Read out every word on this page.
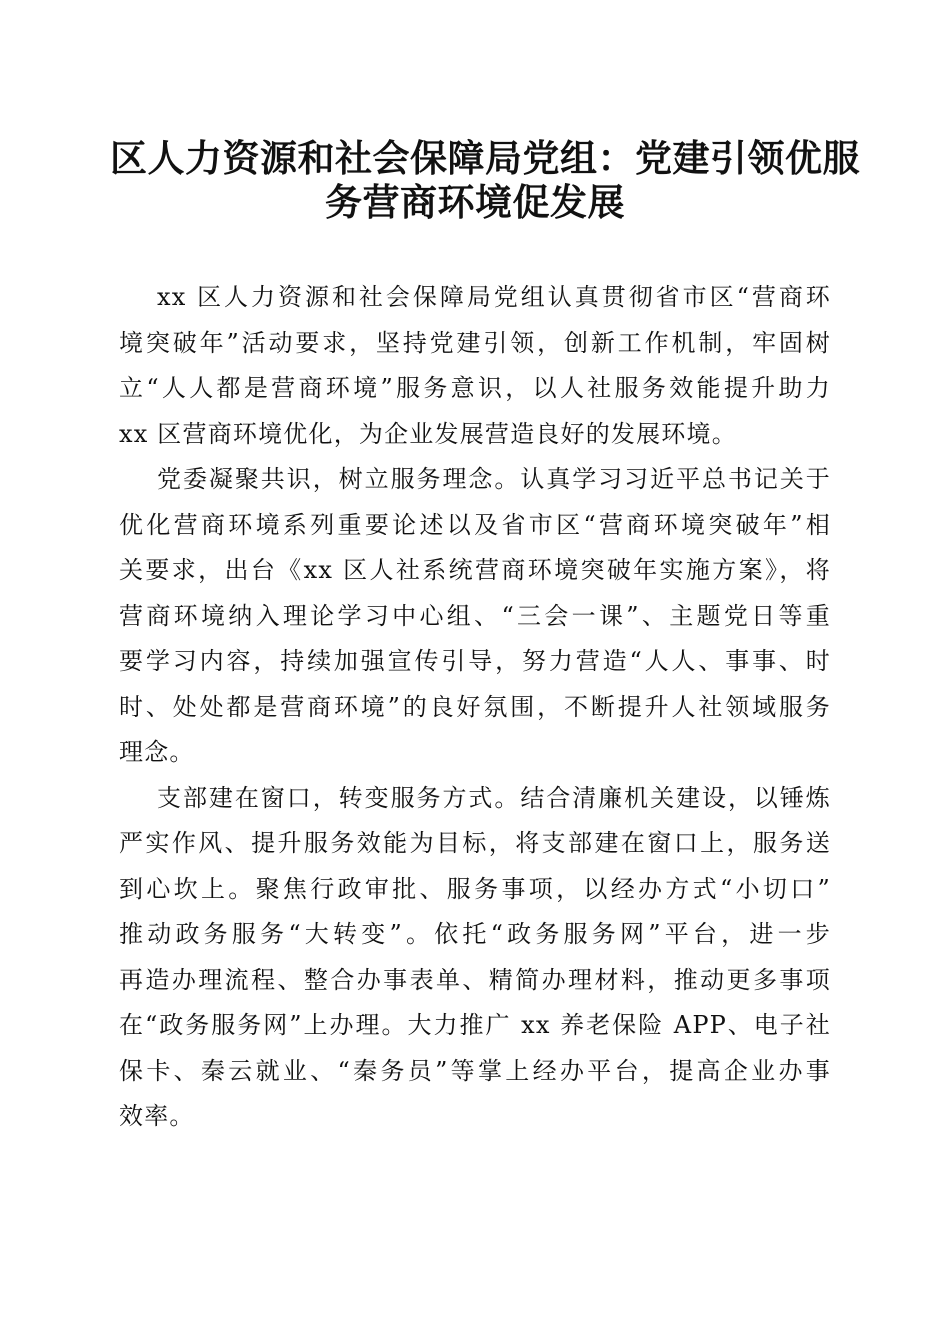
区人力资源和社会保障局党组：党建引领优服
务营商环境促发展

xx 区人力资源和社会保障局党组认真贯彻省市区“营商环
境突破年”活动要求，坚持党建引领，创新工作机制，牢固树
立“人人都是营商环境”服务意识，以人社服务效能提升助力
xx 区营商环境优化，为企业发展营造良好的发展环境。

党委凝聚共识，树立服务理念。认真学习习近平总书记关于
优化营商环境系列重要论述以及省市区“营商环境突破年”相
关要求，出台《xx 区人社系统营商环境突破年实施方案》，将
营商环境纳入理论学习中心组、“三会一课”、主题党日等重
要学习内容，持续加强宣传引导，努力营造“人人、事事、时
时、处处都是营商环境”的良好氛围，不断提升人社领域服务
理念。

支部建在窗口，转变服务方式。结合清廉机关建设，以锤炼
严实作风、提升服务效能为目标，将支部建在窗口上，服务送
到心坎上。聚焦行政审批、服务事项，以经办方式“小切口”
推动政务服务“大转变”。依托“政务服务网”平台，进一步
再造办理流程、整合办事表单、精简办理材料，推动更多事项
在“政务服务网”上办理。大力推广 xx 养老保险 APP、电子社
保卡、秦云就业、“秦务员”等掌上经办平台，提高企业办事
效率。
